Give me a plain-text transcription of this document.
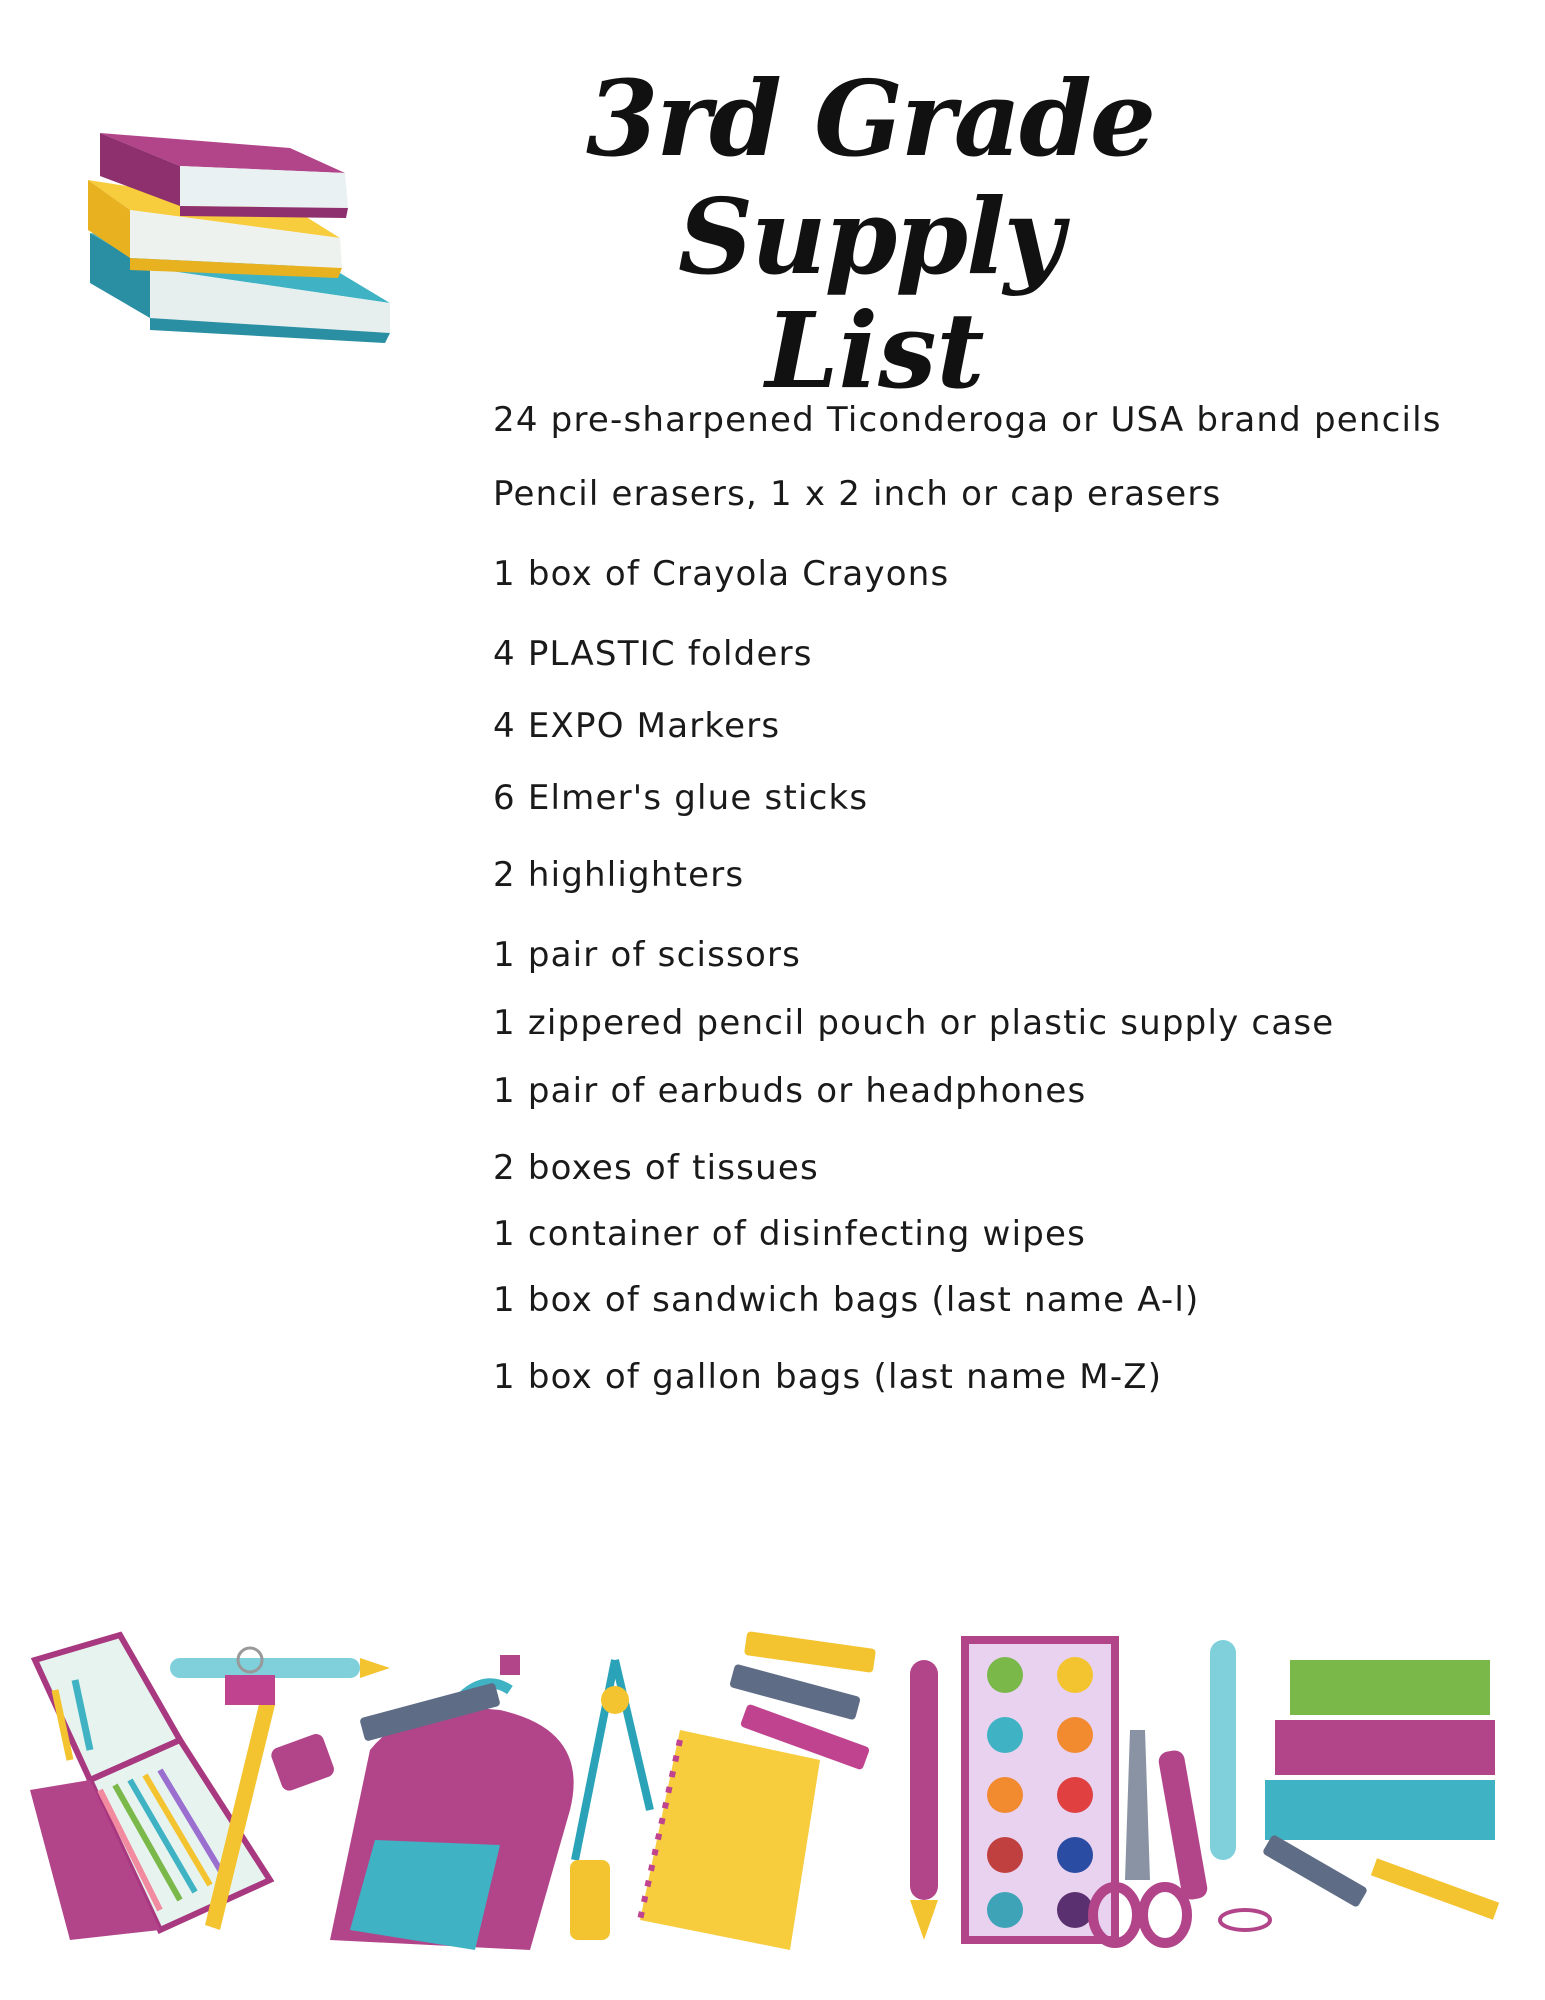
3rd Grade Supply
List
24 pre-sharpened Ticonderoga or USA brand pencils
Pencil erasers, 1 x 2 inch or cap erasers
1 box of Crayola Crayons
4 PLASTIC folders
4 EXPO Markers
6 Elmer's glue sticks
2 highlighters
1 pair of scissors
1 zippered pencil pouch or plastic supply case
1 pair of earbuds or headphones
2 boxes of tissues
1 container of disinfecting wipes
1 box of sandwich bags (last name A-l)
1 box of gallon bags (last name M-Z)
